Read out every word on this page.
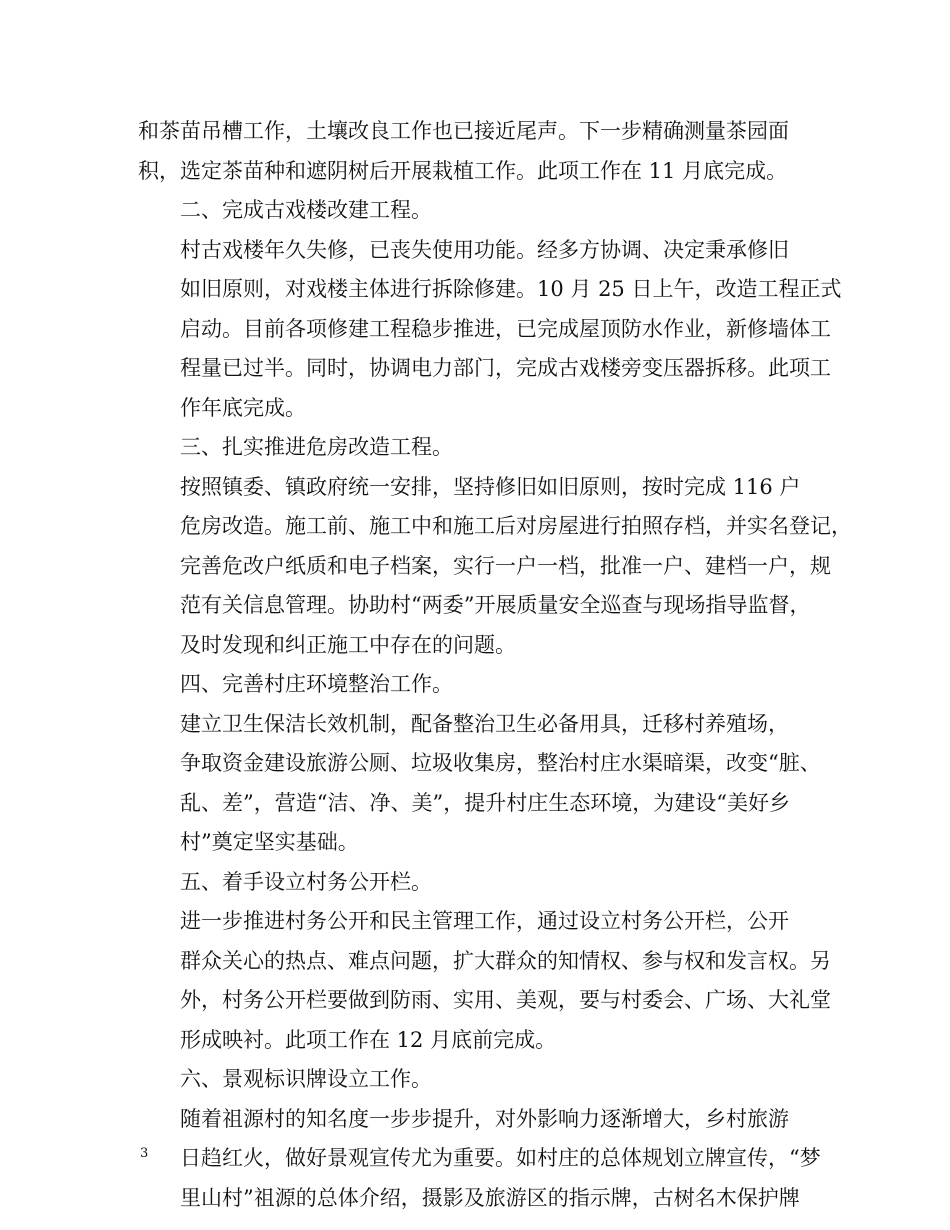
和茶苗吊槽工作，土壤改良工作也已接近尾声。下一步精确测量茶园面
积，选定茶苗种和遮阴树后开展栽植工作。此项工作在 11 月底完成。

二、完成古戏楼改建工程。

村古戏楼年久失修，已丧失使用功能。经多方协调、决定秉承修旧
如旧原则，对戏楼主体进行拆除修建。10 月 25 日上午，改造工程正式
启动。目前各项修建工程稳步推进，已完成屋顶防水作业，新修墙体工
程量已过半。同时，协调电力部门，完成古戏楼旁变压器拆移。此项工
作年底完成。

三、扎实推进危房改造工程。

按照镇委、镇政府统一安排，坚持修旧如旧原则，按时完成 116 户
危房改造。施工前、施工中和施工后对房屋进行拍照存档，并实名登记，
完善危改户纸质和电子档案，实行一户一档，批准一户、建档一户，规
范有关信息管理。协助村“两委”开展质量安全巡查与现场指导监督，
及时发现和纠正施工中存在的问题。

四、完善村庄环境整治工作。

建立卫生保洁长效机制，配备整治卫生必备用具，迁移村养殖场，
争取资金建设旅游公厕、垃圾收集房，整治村庄水渠暗渠，改变“脏、
乱、差”，营造“洁、净、美”，提升村庄生态环境，为建设“美好乡
村”奠定坚实基础。

五、着手设立村务公开栏。

进一步推进村务公开和民主管理工作，通过设立村务公开栏，公开
群众关心的热点、难点问题，扩大群众的知情权、参与权和发言权。另
外，村务公开栏要做到防雨、实用、美观，要与村委会、广场、大礼堂
形成映衬。此项工作在 12 月底前完成。

六、景观标识牌设立工作。

随着祖源村的知名度一步步提升，对外影响力逐渐增大，乡村旅游
日趋红火，做好景观宣传尤为重要。如村庄的总体规划立牌宣传，“梦
里山村”祖源的总体介绍，摄影及旅游区的指示牌，古树名木保护牌

3
